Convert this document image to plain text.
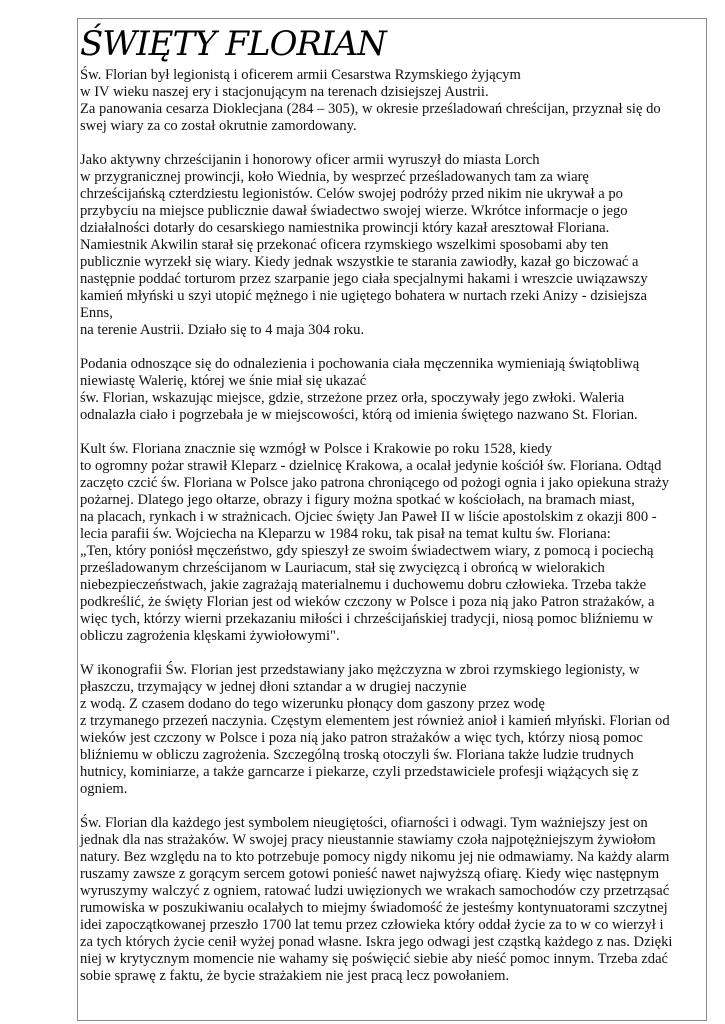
ŚWIĘTY FLORIAN
Św. Florian był legionistą i oficerem armii Cesarstwa Rzymskiego żyjącym
w IV wieku naszej ery i stacjonującym na terenach dzisiejszej Austrii.
Za panowania cesarza Dioklecjana (284 – 305), w okresie prześladowań chreścijan, przyznał się do
swej wiary za co został okrutnie zamordowany.
Jako aktywny chrześcijanin i honorowy oficer armii wyruszył do miasta Lorch
w przygranicznej prowincji, koło Wiednia, by wesprzeć prześladowanych tam za wiarę
chrześcijańską czterdziestu legionistów. Celów swojej podróży przed nikim nie ukrywał a po
przybyciu na miejsce publicznie dawał świadectwo swojej wierze. Wkrótce informacje o jego
działalności dotarły do cesarskiego namiestnika prowincji który kazał aresztował Floriana.
Namiestnik Akwilin starał się przekonać oficera rzymskiego wszelkimi sposobami aby ten
publicznie wyrzekł się wiary. Kiedy jednak wszystkie te starania zawiodły, kazał go biczować a
następnie poddać torturom przez szarpanie jego ciała specjalnymi hakami i wreszcie uwiązawszy
kamień młyński u szyi utopić mężnego i nie ugiętego bohatera w nurtach rzeki Anizy - dzisiejsza
Enns,
na terenie Austrii. Działo się to 4 maja 304 roku.
Podania odnoszące się do odnalezienia i pochowania ciała męczennika wymieniają świątobliwą
niewiastę Walerię, której we śnie miał się ukazać
św. Florian, wskazując miejsce, gdzie, strzeżone przez orła, spoczywały jego zwłoki. Waleria
odnalazła ciało i pogrzebała je w miejscowości, którą od imienia świętego nazwano St. Florian.
Kult św. Floriana znacznie się wzmógł w Polsce i Krakowie po roku 1528, kiedy
to ogromny pożar strawił Kleparz - dzielnicę Krakowa, a ocalał jedynie kościół św. Floriana. Odtąd
zaczęto czcić św. Floriana w Polsce jako patrona chroniącego od pożogi ognia i jako opiekuna straży
pożarnej. Dlatego jego ołtarze, obrazy i figury można spotkać w kościołach, na bramach miast,
na placach, rynkach i w strażnicach. Ojciec święty Jan Paweł II w liście apostolskim z okazji 800 -
lecia parafii św. Wojciecha na Kleparzu w 1984 roku, tak pisał na temat kultu św. Floriana:
„Ten, który poniósł męczeństwo, gdy spieszył ze swoim świadectwem wiary, z pomocą i pociechą
prześladowanym chrześcijanom w Lauriacum, stał się zwycięzcą i obrońcą w wielorakich
niebezpieczeństwach, jakie zagrażają materialnemu i duchowemu dobru człowieka. Trzeba także
podkreślić, że święty Florian jest od wieków czczony w Polsce i poza nią jako Patron strażaków, a
więc tych, którzy wierni przekazaniu miłości i chrześcijańskiej tradycji, niosą pomoc bliźniemu w
obliczu zagrożenia klęskami żywiołowymi".
W ikonografii Św. Florian jest przedstawiany jako mężczyzna w zbroi rzymskiego legionisty, w
płaszczu, trzymający w jednej dłoni sztandar a w drugiej naczynie
z wodą. Z czasem dodano do tego wizerunku płonący dom gaszony przez wodę
z trzymanego przezeń naczynia. Częstym elementem jest również anioł i kamień młyński. Florian od
wieków jest czczony w Polsce i poza nią jako patron strażaków a więc tych, którzy niosą pomoc
bliźniemu w obliczu zagrożenia. Szczególną troską otoczyli św. Floriana także ludzie trudnych
hutnicy, kominiarze, a także garncarze i piekarze, czyli przedstawiciele profesji wiążących się z
ogniem.
Św. Florian dla każdego jest symbolem nieugiętości, ofiarności i odwagi. Tym ważniejszy jest on
jednak dla nas strażaków. W swojej pracy nieustannie stawiamy czoła najpotężniejszym żywiołom
natury. Bez względu na to kto potrzebuje pomocy nigdy nikomu jej nie odmawiamy. Na każdy alarm
ruszamy zawsze z gorącym sercem gotowi ponieść nawet najwyższą ofiarę. Kiedy więc następnym
wyruszymy walczyć z ogniem, ratować ludzi uwięzionych we wrakach samochodów czy przetrząsać
rumowiska w poszukiwaniu ocalałych to miejmy świadomość że jesteśmy kontynuatorami szczytnej
idei zapoczątkowanej przeszło 1700 lat temu przez człowieka który oddał życie za to w co wierzył i
za tych których życie cenił wyżej ponad własne. Iskra jego odwagi jest cząstką każdego z nas. Dzięki
niej w krytycznym momencie nie wahamy się poświęcić siebie aby nieść pomoc innym. Trzeba zdać
sobie sprawę z faktu, że bycie strażakiem nie jest pracą lecz powołaniem.
